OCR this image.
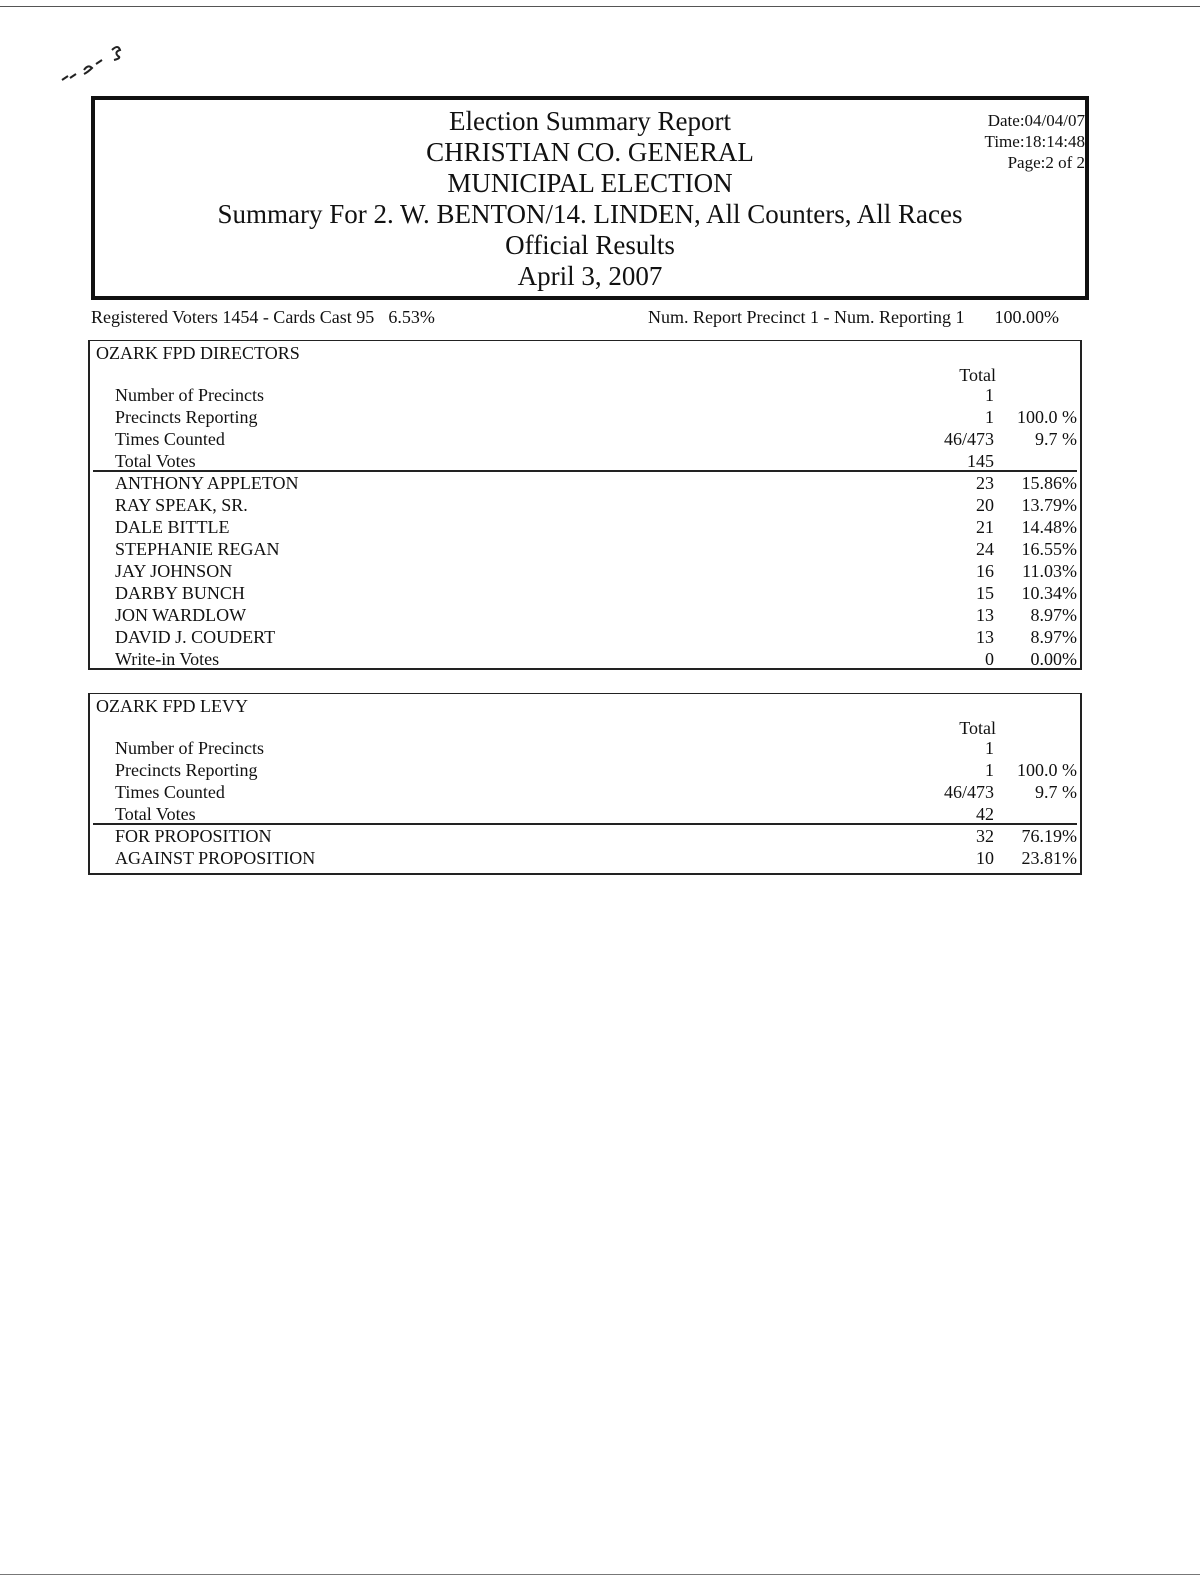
Election Summary Report
CHRISTIAN CO. GENERAL
MUNICIPAL ELECTION
Summary For 2. W. BENTON/14. LINDEN, All Counters, All Races
Official Results
April 3, 2007
Date:04/04/07
Time:18:14:48
Page:2 of 2
Registered Voters 1454 - Cards Cast 95 6.53%	Num. Report Precinct 1 - Num. Reporting 1 100.00%
OZARK FPD DIRECTORS
Total
Number of Precincts	1
Precincts Reporting	1 100.0 %
Times Counted	46/473 9.7 %
Total Votes	145
ANTHONY APPLETON	23 15.86%
RAY SPEAK, SR.	20 13.79%
DALE BITTLE	21 14.48%
STEPHANIE REGAN	24 16.55%
JAY JOHNSON	16 11.03%
DARBY BUNCH	15 10.34%
JON WARDLOW	13 8.97%
DAVID J. COUDERT	13 8.97%
Write-in Votes	0 0.00%
OZARK FPD LEVY
Total
Number of Precincts	1
Precincts Reporting	1 100.0 %
Times Counted	46/473 9.7 %
Total Votes	42
FOR PROPOSITION	32 76.19%
AGAINST PROPOSITION	10 23.81%
